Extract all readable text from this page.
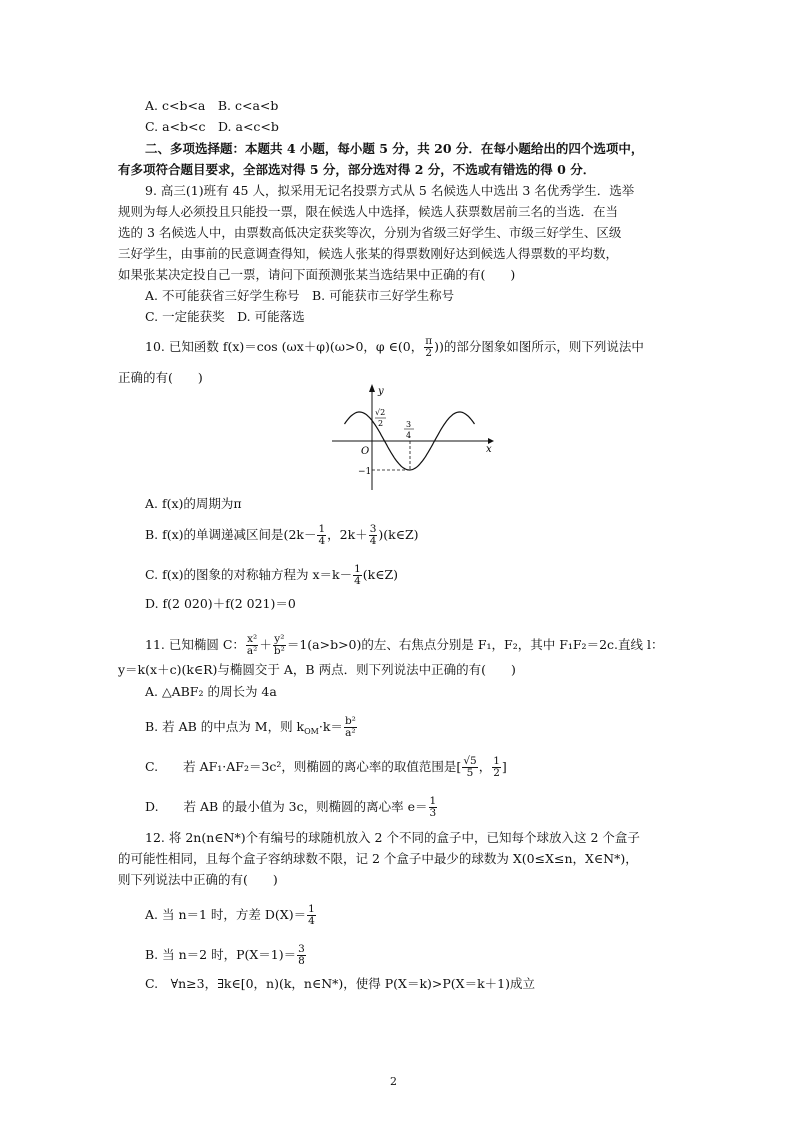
A. c<b<a　B. c<a<b
C. a<b<c　D. a<c<b
二、多项选择题：本题共 4 小题，每小题 5 分，共 20 分．在每小题给出的四个选项中，
有多项符合题目要求，全部选对得 5 分，部分选对得 2 分，不选或有错选的得 0 分．
9. 高三(1)班有 45 人，拟采用无记名投票方式从 5 名候选人中选出 3 名优秀学生．选举
规则为每人必须投且只能投一票，限在候选人中选择，候选人获票数居前三名的当选．在当
选的 3 名候选人中，由票数高低决定获奖等次，分别为省级三好学生、市级三好学生、区级
三好学生，由事前的民意调查得知，候选人张某的得票数刚好达到候选人得票数的平均数，
如果张某决定投自己一票，请问下面预测张某当选结果中正确的有(　　)
A. 不可能获省三好学生称号　B. 可能获市三好学生称号
C. 一定能获奖　D. 可能落选
10. 已知函数 f(x)＝cos (ωx＋φ)(ω>0，φ ∈(0， $\frac{\pi}{2}$ ))的部分图象如图所示，则下列说法中
正确的有(　　)
y
x
O
−1
√2
2	3
4
A. f(x)的周期为π
B. f(x)的单调递减区间是($2k- \frac{1}{4}$ ，$2k+ \frac{3}{4}$ )(k∈Z)
C. f(x)的图象的对称轴方程为 $x=k- \frac{1}{4}$ (k∈Z)
D. f(2 020)＋f(2 021)＝0
11. 已知椭圆 C： $\frac{\text{x²}}{\text{a²}} + \frac{\text{y²}}{\text{b²}} =1(a>b>0)$的左、右焦点分别是 F₁，F₂，其中 F₁F₂＝2c.直线 l：
y＝k(x＋c)(k∈R)与椭圆交于 A，B 两点．则下列说法中正确的有(　　)
A. △ABF₂ 的周长为 4a
B. 若 AB 的中点为 M，则 $k_{OM}\cdot k= \frac{\text{b²}}{\text{a²}}$
C.　　若 AF₁·AF₂＝3c²，则椭圆的离心率的取值范围是[ $\frac{√5}{5}$ ， $\frac{1}{2}$ ]
D.　　若 AB 的最小值为 3c，则椭圆的离心率 $e= \frac{1}{3}$
12. 将 2n(n∈N*)个有编号的球随机放入 2 个不同的盒子中，已知每个球放入这 2 个盒子
的可能性相同，且每个盒子容纳球数不限，记 2 个盒子中最少的球数为 X(0≤X≤n，X∈N*)，
则下列说法中正确的有(　　)
A. 当 n＝1 时，方差 $D(X)= \frac{1}{4}$
B. 当 n＝2 时，$P(X=1)= \frac{3}{8}$
C.　∀n≥3，∃k∈[0，n)(k，n∈N*)，使得 P(X＝k)>P(X＝k＋1)成立
2
